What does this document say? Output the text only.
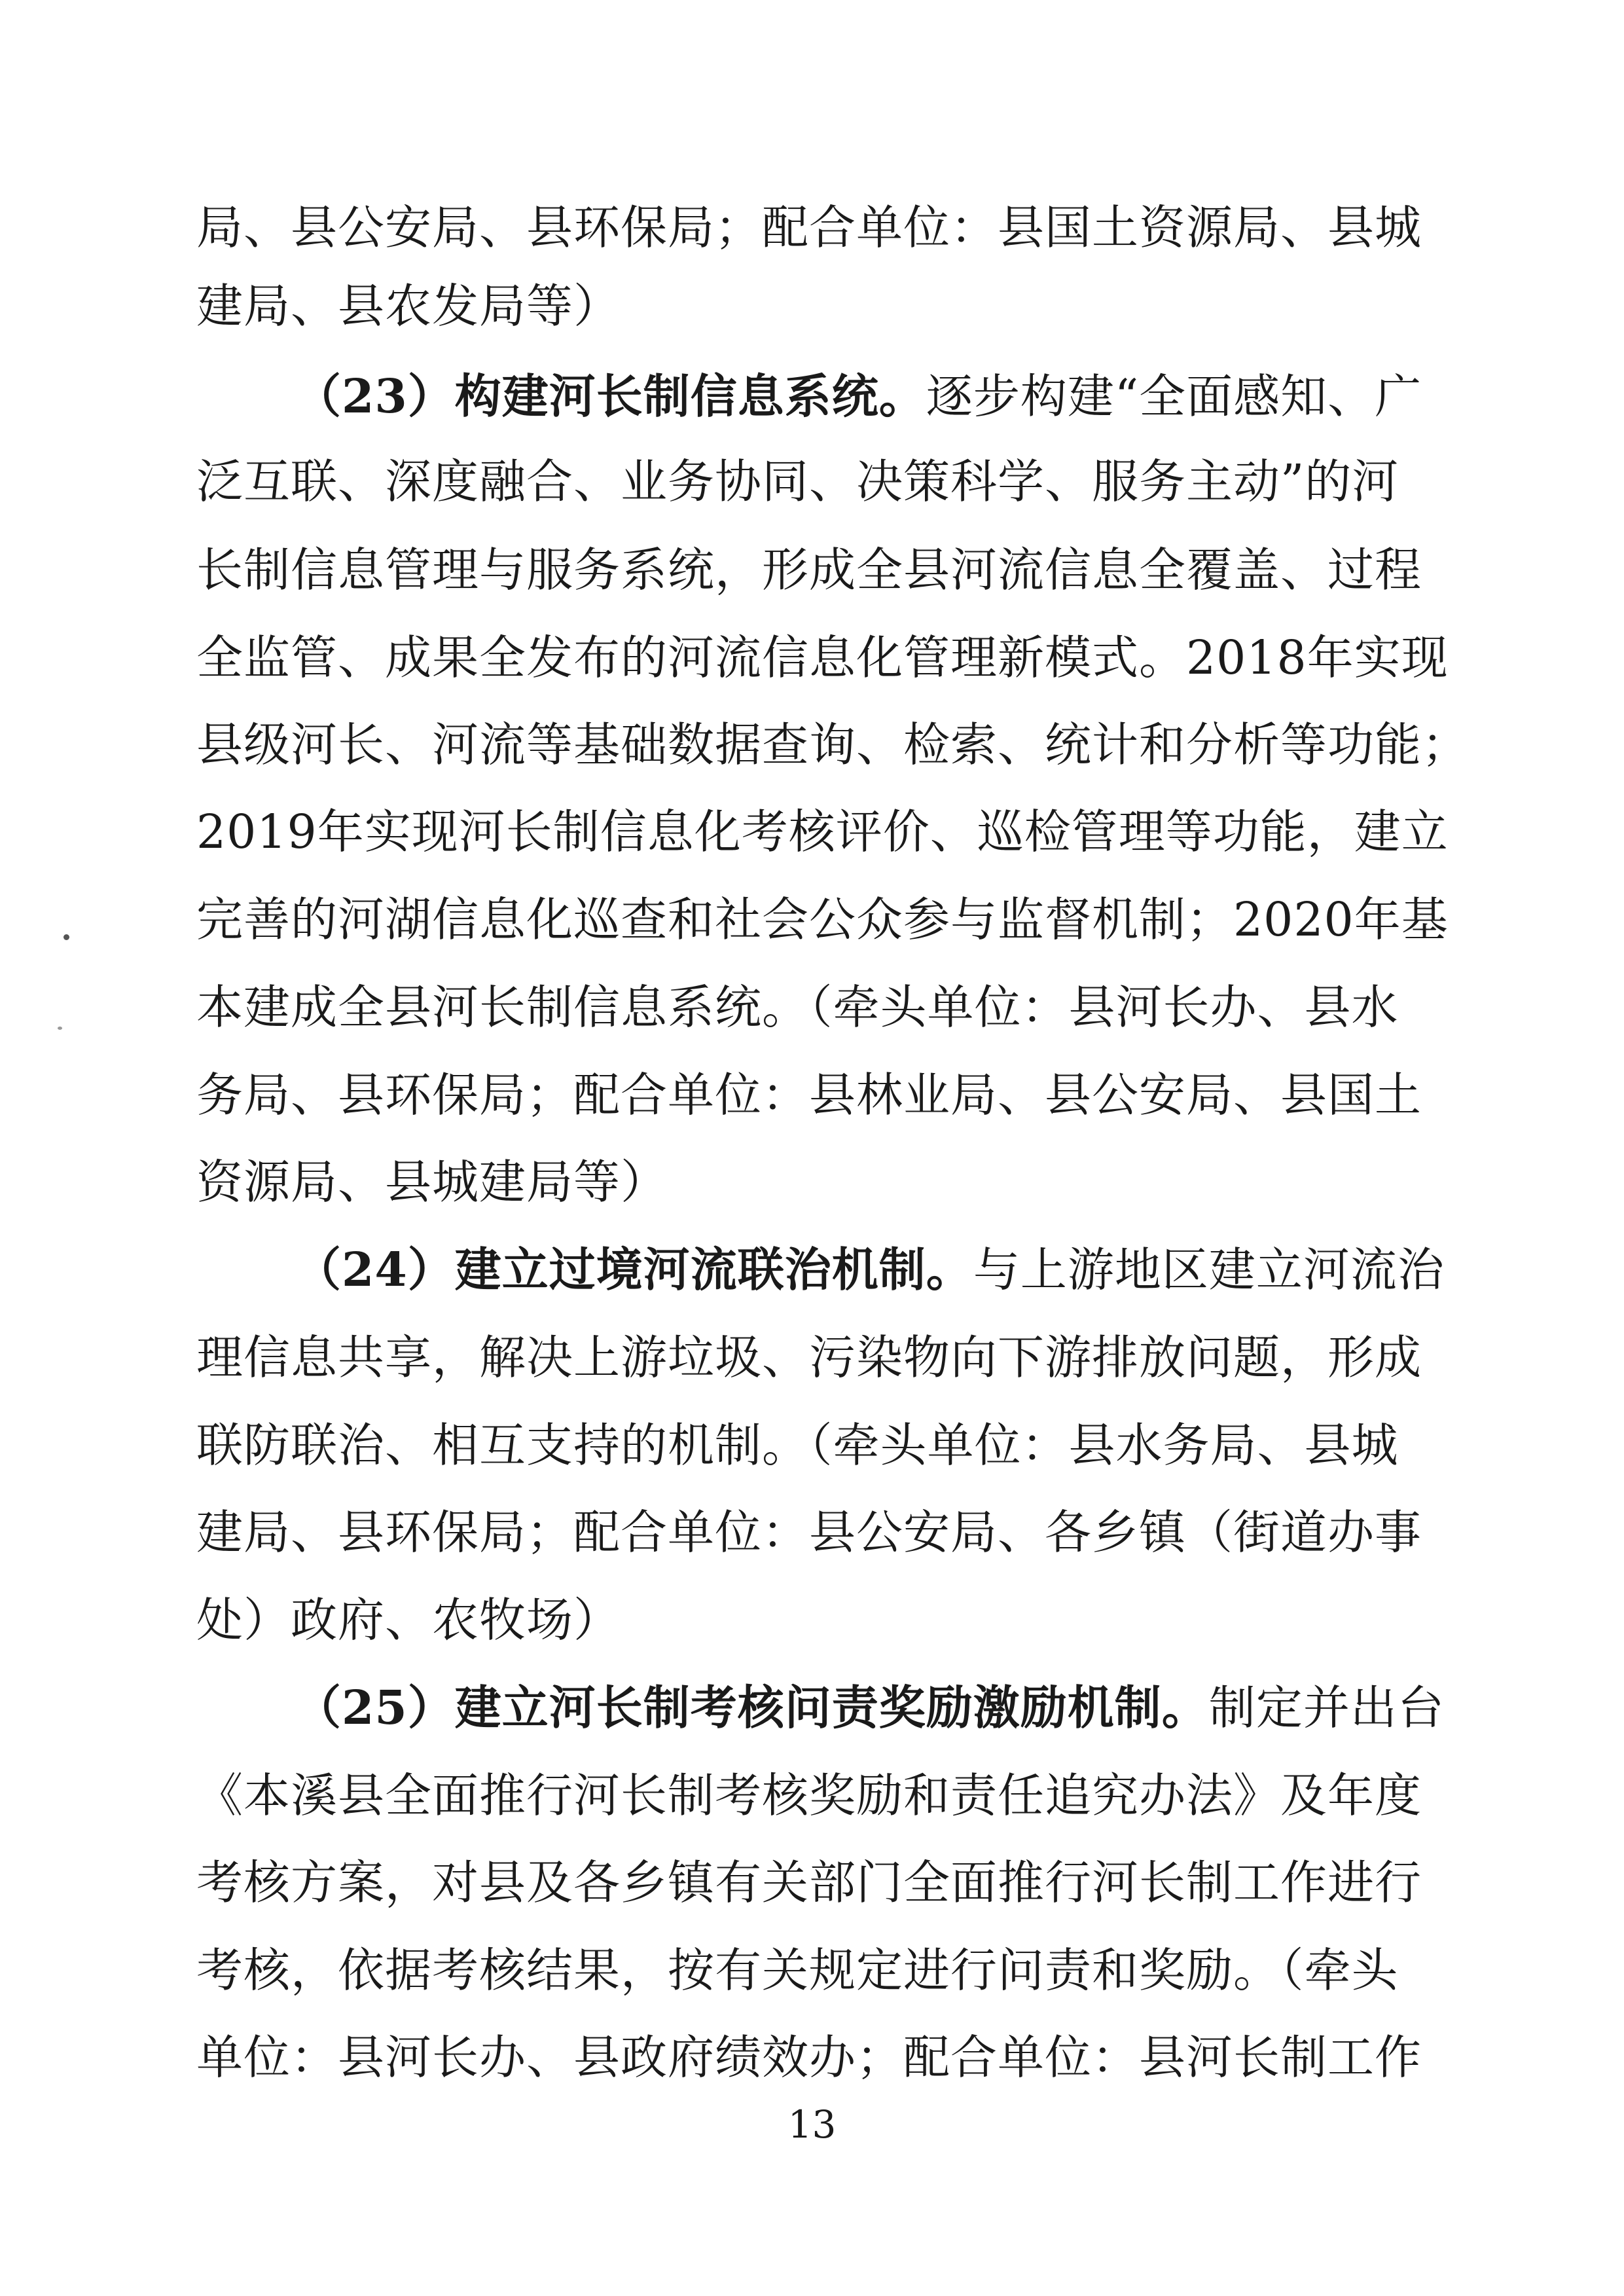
局、县公安局、县环保局；配合单位：县国土资源局、县城
建局、县农发局等）
（23）构建河长制信息系统。逐步构建“全面感知、广
泛互联、深度融合、业务协同、决策科学、服务主动”的河
长制信息管理与服务系统，形成全县河流信息全覆盖、过程
全监管、成果全发布的河流信息化管理新模式。2018年实现
县级河长、河流等基础数据查询、检索、统计和分析等功能；
2019年实现河长制信息化考核评价、巡检管理等功能，建立
完善的河湖信息化巡查和社会公众参与监督机制；2020年基
本建成全县河长制信息系统。（牵头单位：县河长办、县水
务局、县环保局；配合单位：县林业局、县公安局、县国土
资源局、县城建局等）
（24）建立过境河流联治机制。与上游地区建立河流治
理信息共享，解决上游垃圾、污染物向下游排放问题，形成
联防联治、相互支持的机制。（牵头单位：县水务局、县城
建局、县环保局；配合单位：县公安局、各乡镇（街道办事
处）政府、农牧场）
（25）建立河长制考核问责奖励激励机制。制定并出台
《本溪县全面推行河长制考核奖励和责任追究办法》及年度
考核方案，对县及各乡镇有关部门全面推行河长制工作进行
考核，依据考核结果，按有关规定进行问责和奖励。（牵头
单位：县河长办、县政府绩效办；配合单位：县河长制工作
13
